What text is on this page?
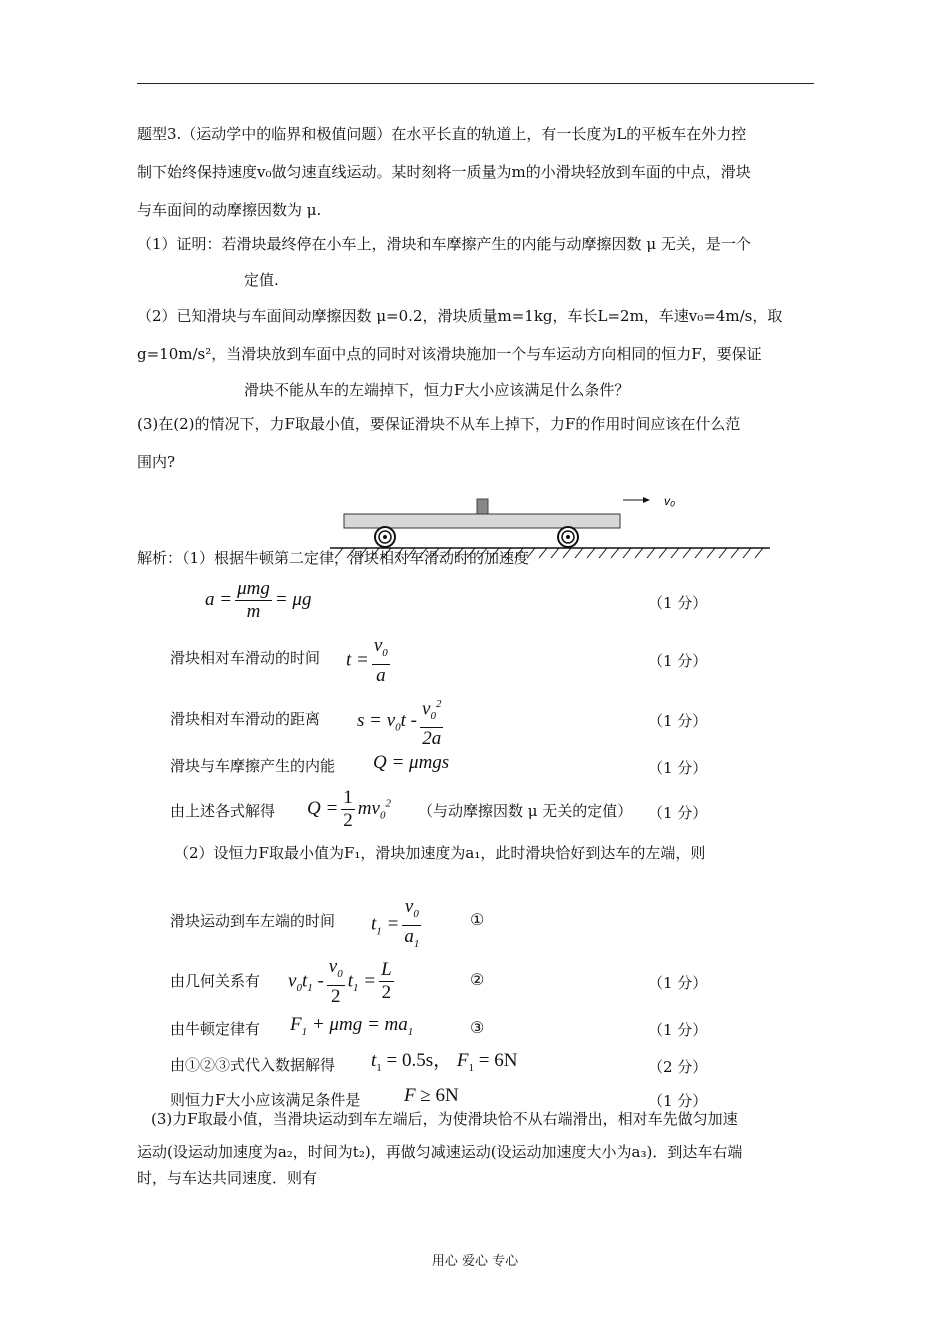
题型3.（运动学中的临界和极值问题）在水平长直的轨道上，有一长度为L的平板车在外力控
制下始终保持速度v₀做匀速直线运动。某时刻将一质量为m的小滑块轻放到车面的中点，滑块
与车面间的动摩擦因数为 μ.
（1）证明：若滑块最终停在小车上，滑块和车摩擦产生的内能与动摩擦因数 μ 无关，是一个
定值.
（2）已知滑块与车面间动摩擦因数 μ=0.2，滑块质量m=1kg，车长L=2m，车速v₀=4m/s，取
g=10m/s²，当滑块放到车面中点的同时对该滑块施加一个与车运动方向相同的恒力F，要保证
滑块不能从车的左端掉下，恒力F大小应该满足什么条件？
(3)在(2)的情况下，力F取最小值，要保证滑块不从车上掉下，力F的作用时间应该在什么范
围内?
v₀
解析：（1）根据牛顿第二定律，滑块相对车滑动时的加速度
$a = \frac{\text{μmg}}{m} = \mu g$	（1 分）
滑块相对车滑动的时间 $t = \frac{v_0}{a}$	（1 分）
滑块相对车滑动的距离 $s = v_0t - \frac{v_0^2}{2a}$	（1 分）
滑块与车摩擦产生的内能 Q = μmgs	（1 分）
由上述各式解得 $Q = \frac{1}{2} mv_0^2$ （与动摩擦因数 μ 无关的定值） （1 分）
（2）设恒力F取最小值为F₁，滑块加速度为a₁，此时滑块恰好到达车的左端，则
滑块运动到车左端的时间 $t_1 = \frac{v_0}{a_1}$	①
由几何关系有 $v_0t_1 - \frac{v_0}{2} t_1 = \frac{L}{2}$	②	（1 分）
由牛顿定律有 $F_1 + \mu mg = ma_1$	③	（1 分）
由①②③式代入数据解得 $t_1 = 0.5s$， $F_1 = 6N$	（2 分）
则恒力F大小应该满足条件是 F ≥ 6N	（1 分）
(3)力F取最小值，当滑块运动到车左端后，为使滑块恰不从右端滑出，相对车先做匀加速
运动(设运动加速度为a₂，时间为t₂)，再做匀减速运动(设运动加速度大小为a₃)．到达车右端
时，与车达共同速度．则有
用心 爱心 专心
